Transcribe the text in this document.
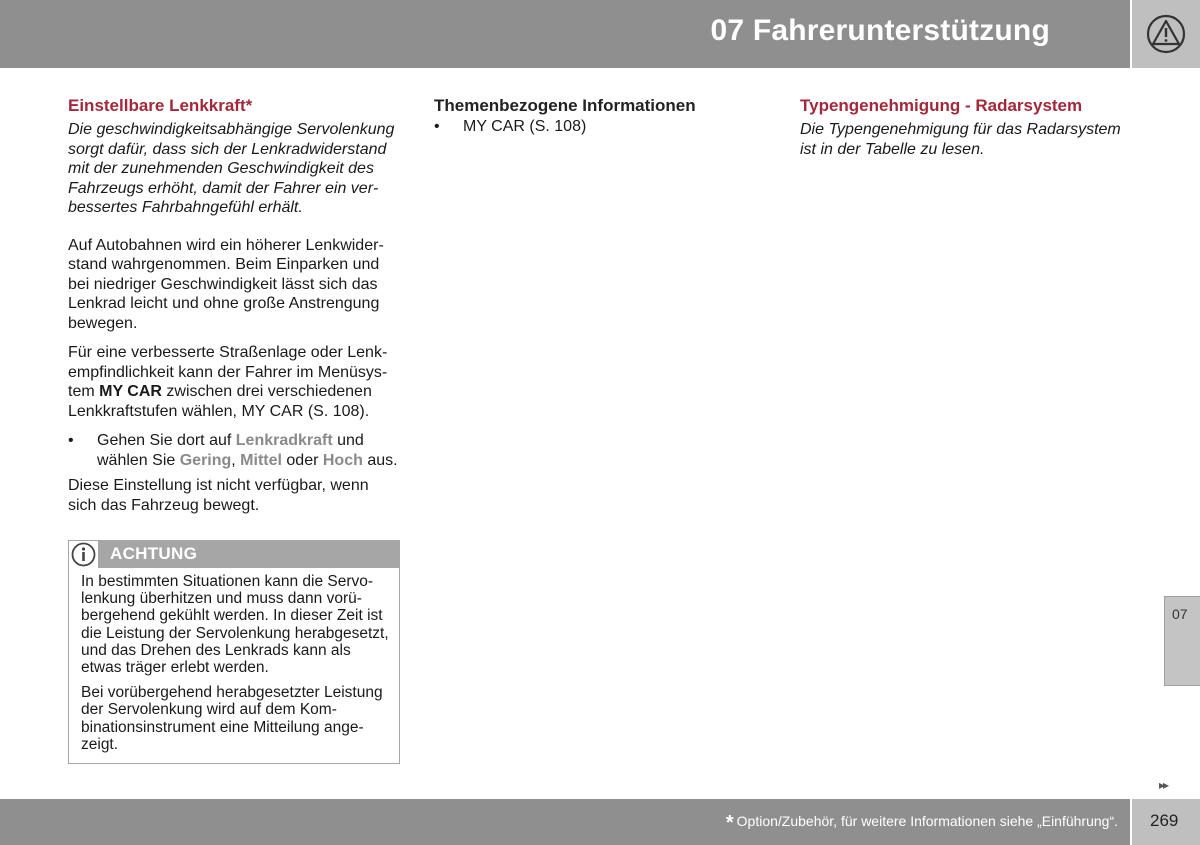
07 Fahrerunterstützung
Einstellbare Lenkkraft*

Die geschwindigkeitsabhängige Servolenkung sorgt dafür, dass sich der Lenkradwiderstand mit der zunehmenden Geschwindigkeit des Fahrzeugs erhöht, damit der Fahrer ein verbessertes Fahrbahngefühl erhält.

Auf Autobahnen wird ein höherer Lenkwiderstand wahrgenommen. Beim Einparken und bei niedriger Geschwindigkeit lässt sich das Lenkrad leicht und ohne große Anstrengung bewegen.

Für eine verbesserte Straßenlage oder Lenkempfindlichkeit kann der Fahrer im Menüsystem MY CAR zwischen drei verschiedenen Lenkkraftstufen wählen, MY CAR (S. 108).

• Gehen Sie dort auf Lenkradkraft und wählen Sie Gering, Mittel oder Hoch aus.

Diese Einstellung ist nicht verfügbar, wenn sich das Fahrzeug bewegt.

ACHTUNG

In bestimmten Situationen kann die Servolenkung überhitzen und muss dann vorübergehend gekühlt werden. In dieser Zeit ist die Leistung der Servolenkung herabgesetzt, und das Drehen des Lenkrads kann als etwas träger erlebt werden.

Bei vorübergehend herabgesetzter Leistung der Servolenkung wird auf dem Kombinationsinstrument eine Mitteilung angezeigt.

Themenbezogene Informationen
• MY CAR (S. 108)
Typengenehmigung - Radarsystem

Die Typengenehmigung für das Radarsystem ist in der Tabelle zu lesen.

07
▸▸
* Option/Zubehör, für weitere Informationen siehe „Einführung“. 269
